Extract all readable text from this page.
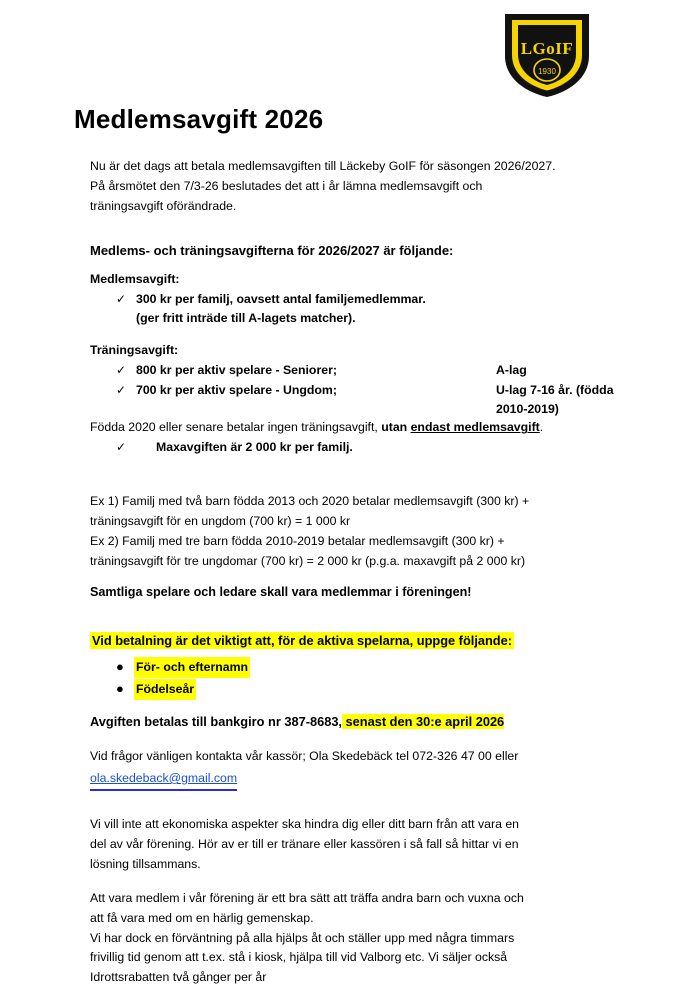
LGoIF
1930
Medlemsavgift 2026
Nu är det dags att betala medlemsavgiften till Läckeby GoIF för säsongen 2026/2027.
På årsmötet den 7/3-26 beslutades det att i år lämna medlemsavgift och
träningsavgift oförändrade.
Medlems- och träningsavgifterna för 2026/2027 är följande:
Medlemsavgift:
✓ 300 kr per familj, oavsett antal familjemedlemmar.
(ger fritt inträde till A-lagets matcher).
Träningsavgift:
✓ 800 kr per aktiv spelare - Seniorer;	A-lag
✓ 700 kr per aktiv spelare - Ungdom;	U-lag 7-16 år. (födda 2010-2019)
Födda 2020 eller senare betalar ingen träningsavgift, utan endast medlemsavgift.
✓	Maxavgiften är 2 000 kr per familj.
Ex 1) Familj med två barn födda 2013 och 2020 betalar medlemsavgift (300 kr) +
träningsavgift för en ungdom (700 kr) = 1 000 kr
Ex 2) Familj med tre barn födda 2010-2019 betalar medlemsavgift (300 kr) +
träningsavgift för tre ungdomar (700 kr) = 2 000 kr (p.g.a. maxavgift på 2 000 kr)
Samtliga spelare och ledare skall vara medlemmar i föreningen!
Vid betalning är det viktigt att, för de aktiva spelarna, uppge följande:
● För- och efternamn
● Födelseår
Avgiften betalas till bankgiro nr 387-8683, senast den 30:e april 2026
Vid frågor vänligen kontakta vår kassör; Ola Skedebäck tel 072-326 47 00 eller
ola.skedeback@gmail.com
Vi vill inte att ekonomiska aspekter ska hindra dig eller ditt barn från att vara en
del av vår förening. Hör av er till er tränare eller kassören i så fall så hittar vi en
lösning tillsammans.
Att vara medlem i vår förening är ett bra sätt att träffa andra barn och vuxna och
att få vara med om en härlig gemenskap.
Vi har dock en förväntning på alla hjälps åt och ställer upp med några timmars
frivillig tid genom att t.ex. stå i kiosk, hjälpa till vid Valborg etc. Vi säljer också
Idrottsrabatten två gånger per år
